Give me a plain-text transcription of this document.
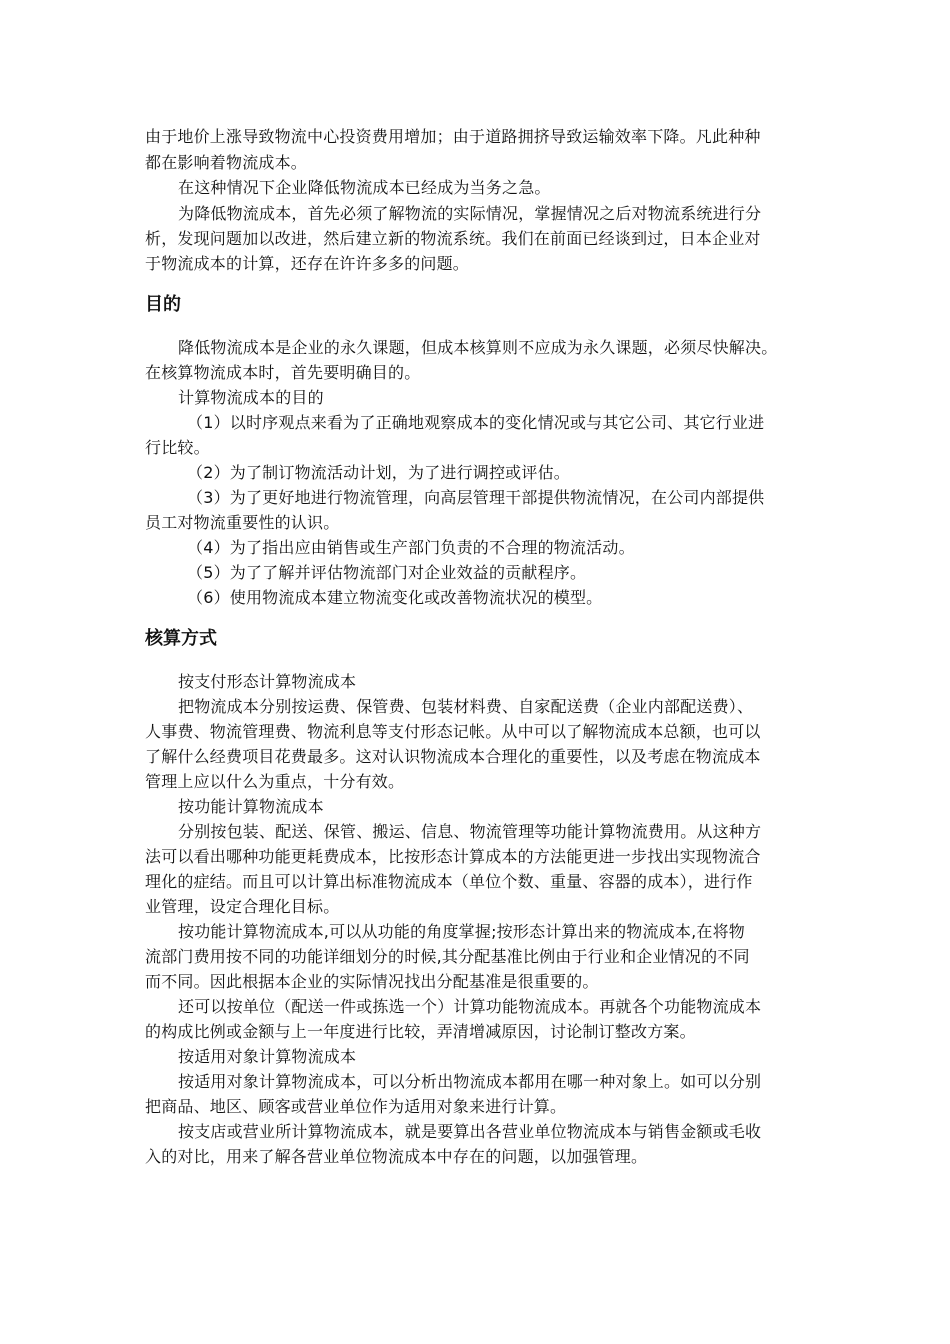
由于地价上涨导致物流中心投资费用增加；由于道路拥挤导致运输效率下降。凡此种种
都在影响着物流成本。
在这种情况下企业降低物流成本已经成为当务之急。
为降低物流成本，首先必须了解物流的实际情况，掌握情况之后对物流系统进行分
析，发现问题加以改进，然后建立新的物流系统。我们在前面已经谈到过，日本企业对
于物流成本的计算，还存在许许多多的问题。
目的
降低物流成本是企业的永久课题，但成本核算则不应成为永久课题，必须尽快解决。
在核算物流成本时，首先要明确目的。
计算物流成本的目的
（1）以时序观点来看为了正确地观察成本的变化情况或与其它公司、其它行业进
行比较。
（2）为了制订物流活动计划，为了进行调控或评估。
（3）为了更好地进行物流管理，向高层管理干部提供物流情况，在公司内部提供
员工对物流重要性的认识。
（4）为了指出应由销售或生产部门负责的不合理的物流活动。
（5）为了了解并评估物流部门对企业效益的贡献程序。
（6）使用物流成本建立物流变化或改善物流状况的模型。
核算方式
按支付形态计算物流成本
把物流成本分别按运费、保管费、包装材料费、自家配送费（企业内部配送费）、
人事费、物流管理费、物流利息等支付形态记帐。从中可以了解物流成本总额，也可以
了解什么经费项目花费最多。这对认识物流成本合理化的重要性，以及考虑在物流成本
管理上应以什么为重点，十分有效。
按功能计算物流成本
分别按包装、配送、保管、搬运、信息、物流管理等功能计算物流费用。从这种方
法可以看出哪种功能更耗费成本，比按形态计算成本的方法能更进一步找出实现物流合
理化的症结。而且可以计算出标准物流成本（单位个数、重量、容器的成本），进行作
业管理，设定合理化目标。
按功能计算物流成本,可以从功能的角度掌握;按形态计算出来的物流成本,在将物
流部门费用按不同的功能详细划分的时候,其分配基准比例由于行业和企业情况的不同
而不同。因此根据本企业的实际情况找出分配基准是很重要的。
还可以按单位（配送一件或拣选一个）计算功能物流成本。再就各个功能物流成本
的构成比例或金额与上一年度进行比较，弄清增减原因，讨论制订整改方案。
按适用对象计算物流成本
按适用对象计算物流成本，可以分析出物流成本都用在哪一种对象上。如可以分别
把商品、地区、顾客或营业单位作为适用对象来进行计算。
按支店或营业所计算物流成本，就是要算出各营业单位物流成本与销售金额或毛收
入的对比，用来了解各营业单位物流成本中存在的问题，以加强管理。
